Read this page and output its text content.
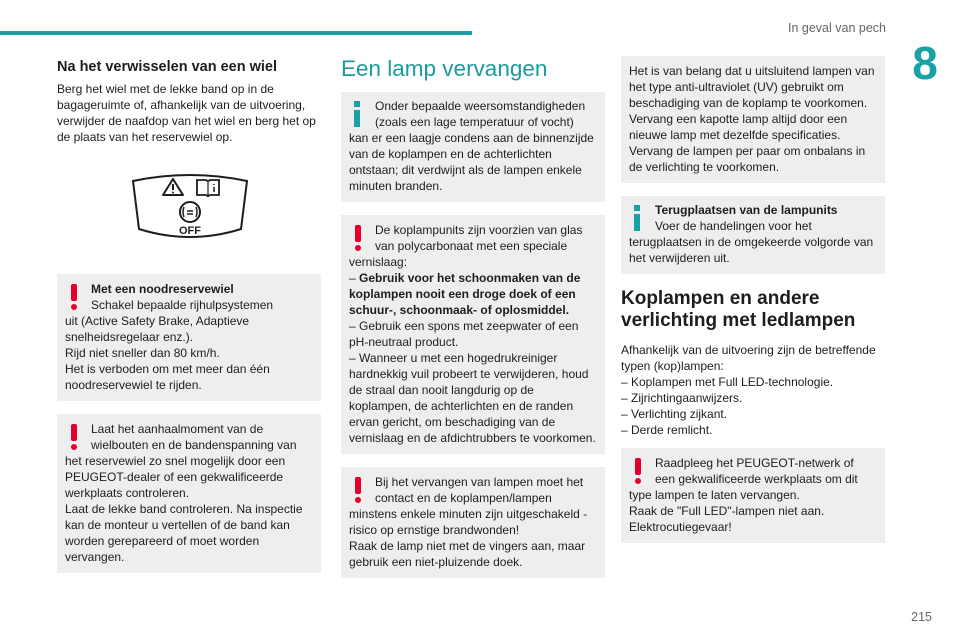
In geval van pech
8
Na het verwisselen van een wiel

Berg het wiel met de lekke band op in de bagageruimte of, afhankelijk van de uitvoering, verwijder de naafdop van het wiel en berg het op de plaats van het reservewiel op.

OFF

Met een noodreservewiel

Schakel bepaalde rijhulpsystemen

uit (Active Safety Brake, Adaptieve snelheidsregelaar enz.).

Rijd niet sneller dan 80 km/h.

Het is verboden om met meer dan één noodreservewiel te rijden.

Laat het aanhaalmoment van de

wielbouten en de bandenspanning van het reservewiel zo snel mogelijk door een PEUGEOT-dealer of een gekwalificeerde werkplaats controleren.

Laat de lekke band controleren. Na inspectie kan de monteur u vertellen of de band kan worden gerepareerd of moet worden vervangen.

Een lamp vervangen

Onder bepaalde weersomstandigheden

(zoals een lage temperatuur of vocht)

kan er een laagje condens aan de binnenzijde van de koplampen en de achterlichten ontstaan; dit verdwijnt als de lampen enkele minuten branden.

De koplampunits zijn voorzien van glas

van polycarbonaat met een speciale

vernislaag:

– Gebruik voor het schoonmaken van de koplampen nooit een droge doek of een schuur-, schoonmaak- of oplosmiddel.

– Gebruik een spons met zeepwater of een pH-neutraal product.

– Wanneer u met een hogedrukreiniger hardnekkig vuil probeert te verwijderen, houd de straal dan nooit langdurig op de koplampen, de achterlichten en de randen ervan gericht, om beschadiging van de vernislaag en de afdichtrubbers te voorkomen.

Bij het vervangen van lampen moet het

contact en de koplampen/lampen

minstens enkele minuten zijn uitgeschakeld - risico op ernstige brandwonden!

Raak de lamp niet met de vingers aan, maar gebruik een niet-pluizende doek.

Het is van belang dat u uitsluitend lampen van het type anti-ultraviolet (UV) gebruikt om beschadiging van de koplamp te voorkomen. Vervang een kapotte lamp altijd door een nieuwe lamp met dezelfde specificaties. Vervang de lampen per paar om onbalans in de verlichting te voorkomen.

Terugplaatsen van de lampunits

Voer de handelingen voor het

terugplaatsen in de omgekeerde volgorde van het verwijderen uit.

Koplampen en andere verlichting met ledlampen

Afhankelijk van de uitvoering zijn de betreffende typen (kop)lampen:

– Koplampen met Full LED-technologie.

– Zijrichtingaanwijzers.

– Verlichting zijkant.

– Derde remlicht.

Raadpleeg het PEUGEOT-netwerk of

een gekwalificeerde werkplaats om dit

type lampen te laten vervangen.

Raak de "Full LED"-lampen niet aan. Elektrocutiegevaar!

215
